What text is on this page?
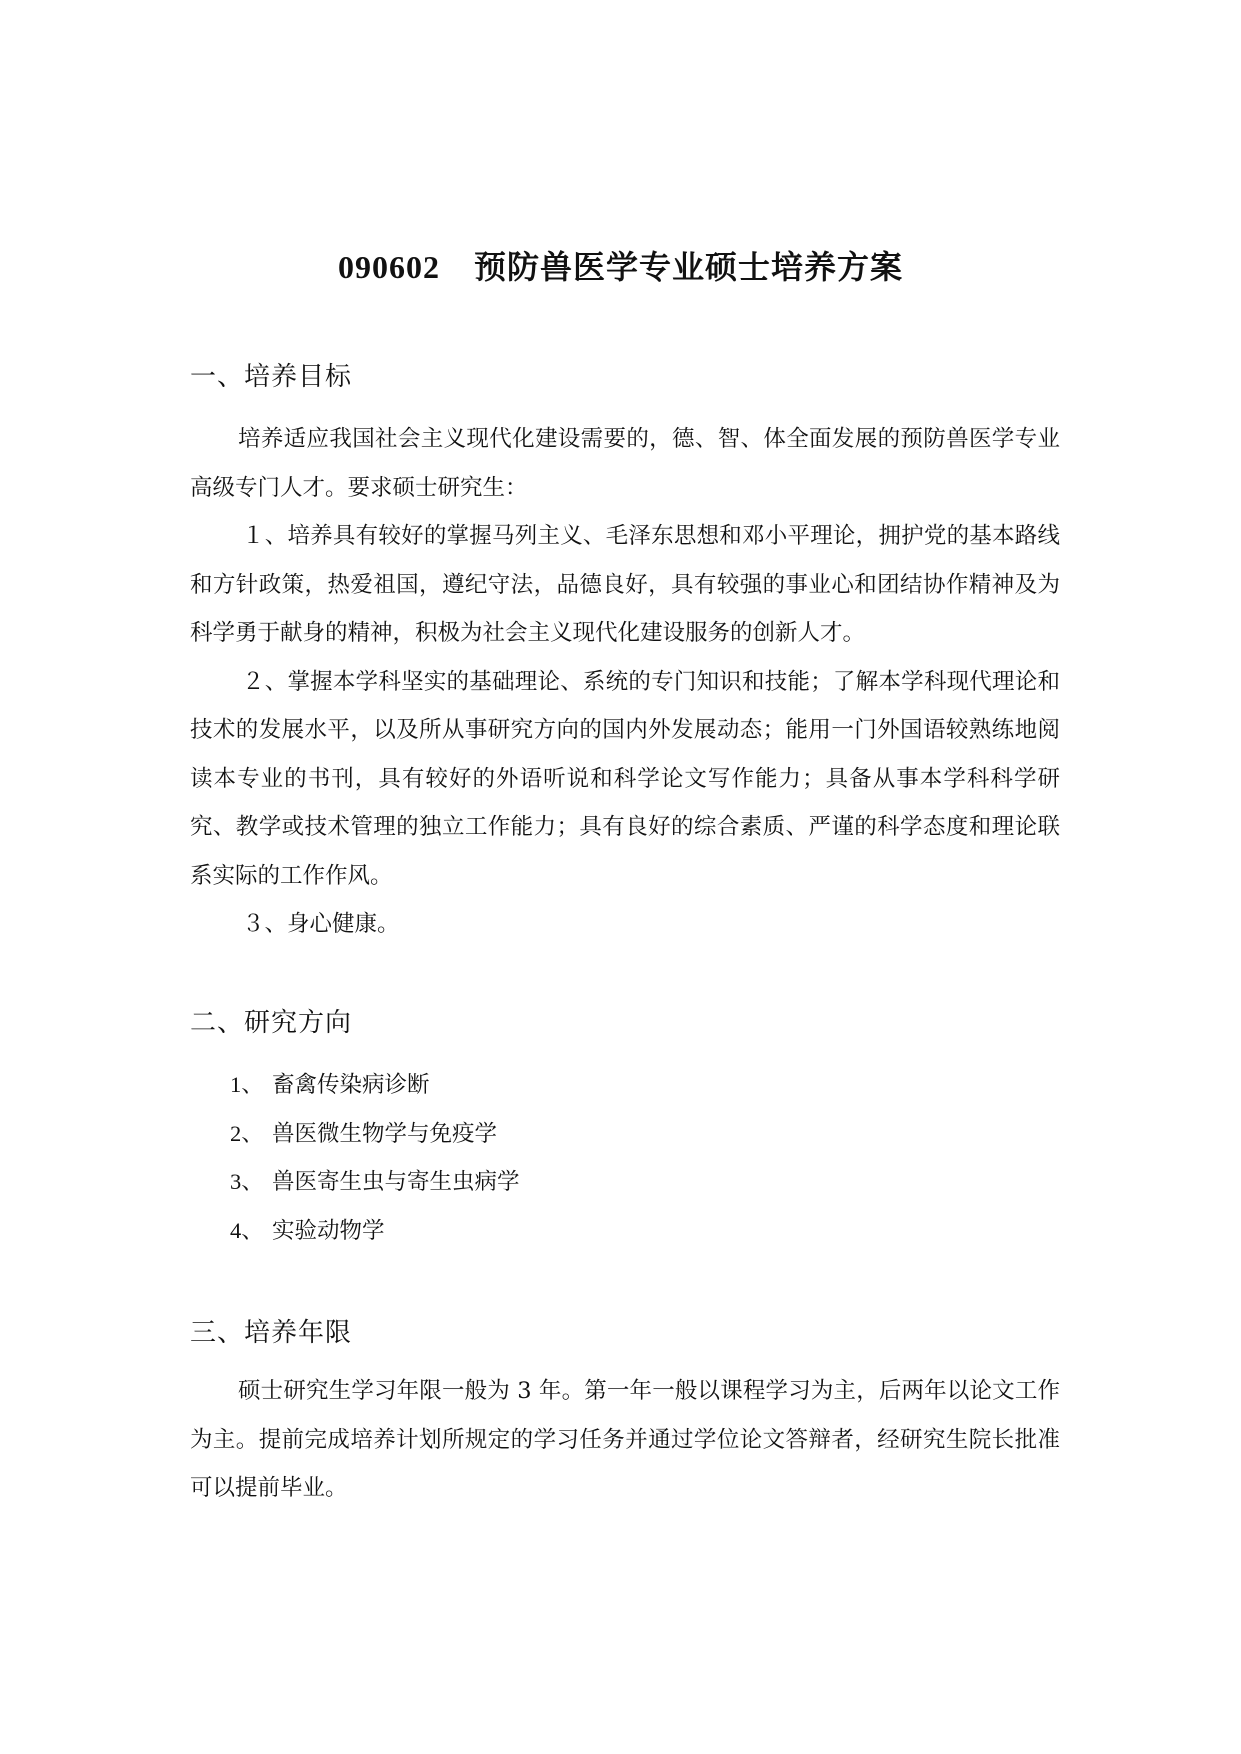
090602 预防兽医学专业硕士培养方案
一、培养目标

培养适应我国社会主义现代化建设需要的，德、智、体全面发展的预防兽医学专业高级专门人才。要求硕士研究生：

１、培养具有较好的掌握马列主义、毛泽东思想和邓小平理论，拥护党的基本路线和方针政策，热爱祖国，遵纪守法，品德良好，具有较强的事业心和团结协作精神及为科学勇于献身的精神，积极为社会主义现代化建设服务的创新人才。

２、掌握本学科坚实的基础理论、系统的专门知识和技能；了解本学科现代理论和技术的发展水平，以及所从事研究方向的国内外发展动态；能用一门外国语较熟练地阅读本专业的书刊，具有较好的外语听说和科学论文写作能力；具备从事本学科科学研究、教学或技术管理的独立工作能力；具有良好的综合素质、严谨的科学态度和理论联系实际的工作作风。

３、身心健康。

二、研究方向
1、 畜禽传染病诊断
2、 兽医微生物学与免疫学
3、 兽医寄生虫与寄生虫病学
4、 实验动物学
三、培养年限

硕士研究生学习年限一般为 3 年。第一年一般以课程学习为主，后两年以论文工作为主。提前完成培养计划所规定的学习任务并通过学位论文答辩者，经研究生院长批准可以提前毕业。
